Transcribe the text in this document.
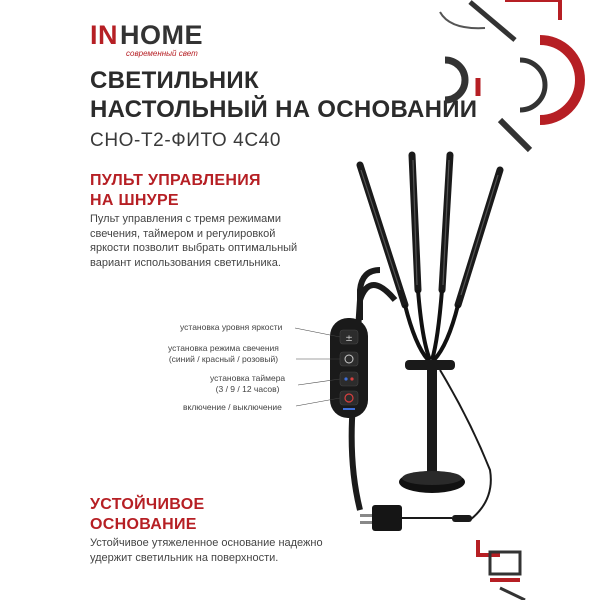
INHOME
современный свет
СВЕТИЛЬНИК
НАСТОЛЬНЫЙ НА ОСНОВАНИИ
СНО-Т2-ФИТО 4С40
ПУЛЬТ УПРАВЛЕНИЯ
НА ШНУРЕ
Пульт управления с тремя режимами
свечения, таймером и регулировкой
яркости позволит выбрать оптимальный
вариант использования светильника.
УСТОЙЧИВОЕ
ОСНОВАНИЕ
Устойчивое утяжеленное основание надежно
удержит светильник на поверхности.
±
установка уровня яркости
установка режима свечения
(синий / красный / розовый)
установка таймера
(3 / 9 / 12 часов)
включение / выключение
